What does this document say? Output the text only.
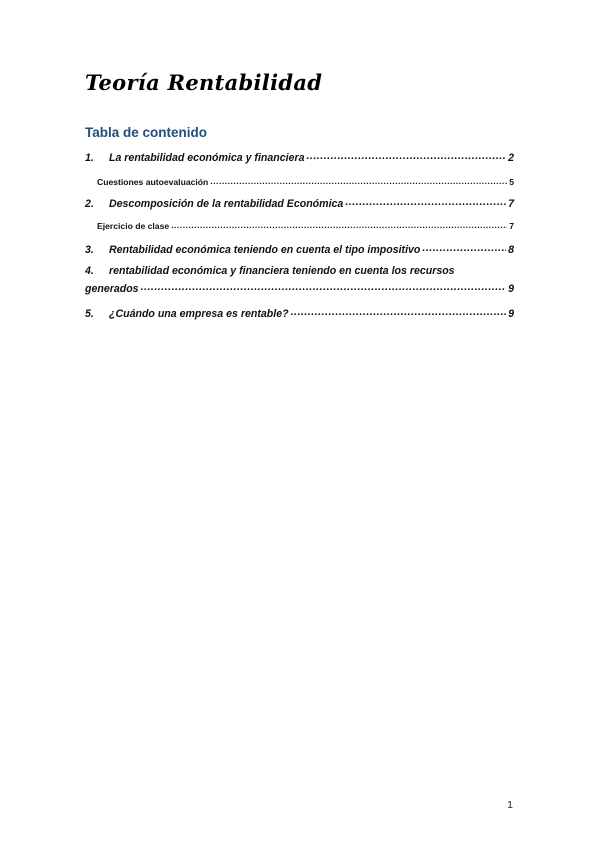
Teoría Rentabilidad
Tabla de contenido
1.	La rentabilidad económica y financiera .....	2
Cuestiones autoevaluación .....	5
2.	Descomposición de la rentabilidad Económica .....	7
Ejercicio de clase .....	7
3.	Rentabilidad económica teniendo en cuenta el tipo impositivo .....	8
4. rentabilidad económica y financiera teniendo en cuenta los recursos
generados .....	9
5.	¿Cuándo una empresa es rentable? .....	9
1
